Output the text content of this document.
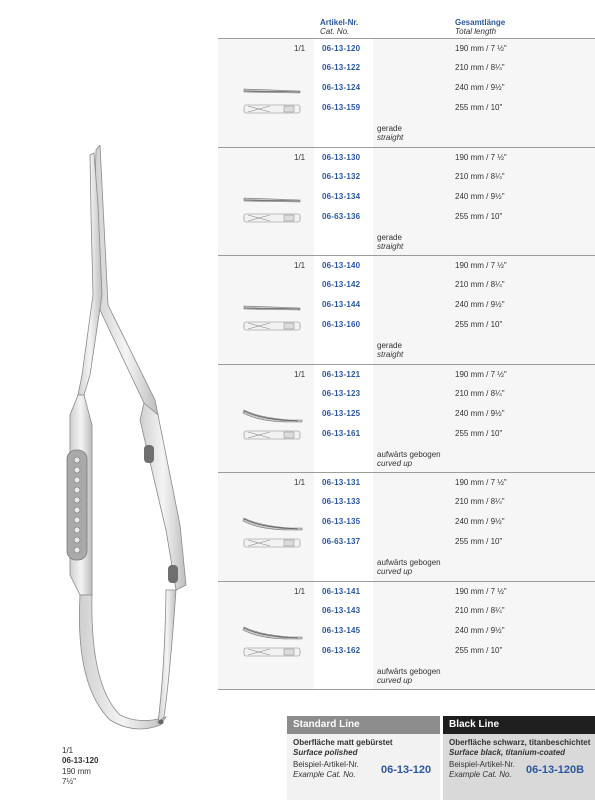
Artikel-Nr.
Cat. No.
Gesamtlänge
Total length
1/1 06-13-120	190 mm / 7 ½"
06-13-122	210 mm / 8¼"
06-13-124	240 mm / 9½"
06-13-159	255 mm / 10"
gerade
straight
1/1 06-13-130	190 mm / 7 ½"
06-13-132	210 mm / 8¼"
06-13-134	240 mm / 9½"
06-63-136	255 mm / 10"
gerade
straight
1/1 06-13-140	190 mm / 7 ½"
06-13-142	210 mm / 8¼"
06-13-144	240 mm / 9½"
06-13-160	255 mm / 10"
gerade
straight
1/1 06-13-121	190 mm / 7 ½"
06-13-123	210 mm / 8¼"
06-13-125	240 mm / 9½"
06-13-161	255 mm / 10"
aufwärts gebogen
curved up
1/1 06-13-131	190 mm / 7 ½"
06-13-133	210 mm / 8¼"
06-13-135	240 mm / 9½"
06-63-137	255 mm / 10"
aufwärts gebogen
curved up
1/1 06-13-141	190 mm / 7 ½"
06-13-143	210 mm / 8¼"
06-13-145	240 mm / 9½"
06-13-162	255 mm / 10"
aufwärts gebogen
curved up
1/1
06-13-120
190 mm
7½"
Standard Line
Oberfläche matt gebürstet
Surface polished
Beispiel-Artikel-Nr.
Example Cat. No. 06-13-120
Black Line
Oberfläche schwarz, titanbeschichtet
Surface black, titanium-coated
Beispiel-Artikel-Nr.
Example Cat. No. 06-13-120B
